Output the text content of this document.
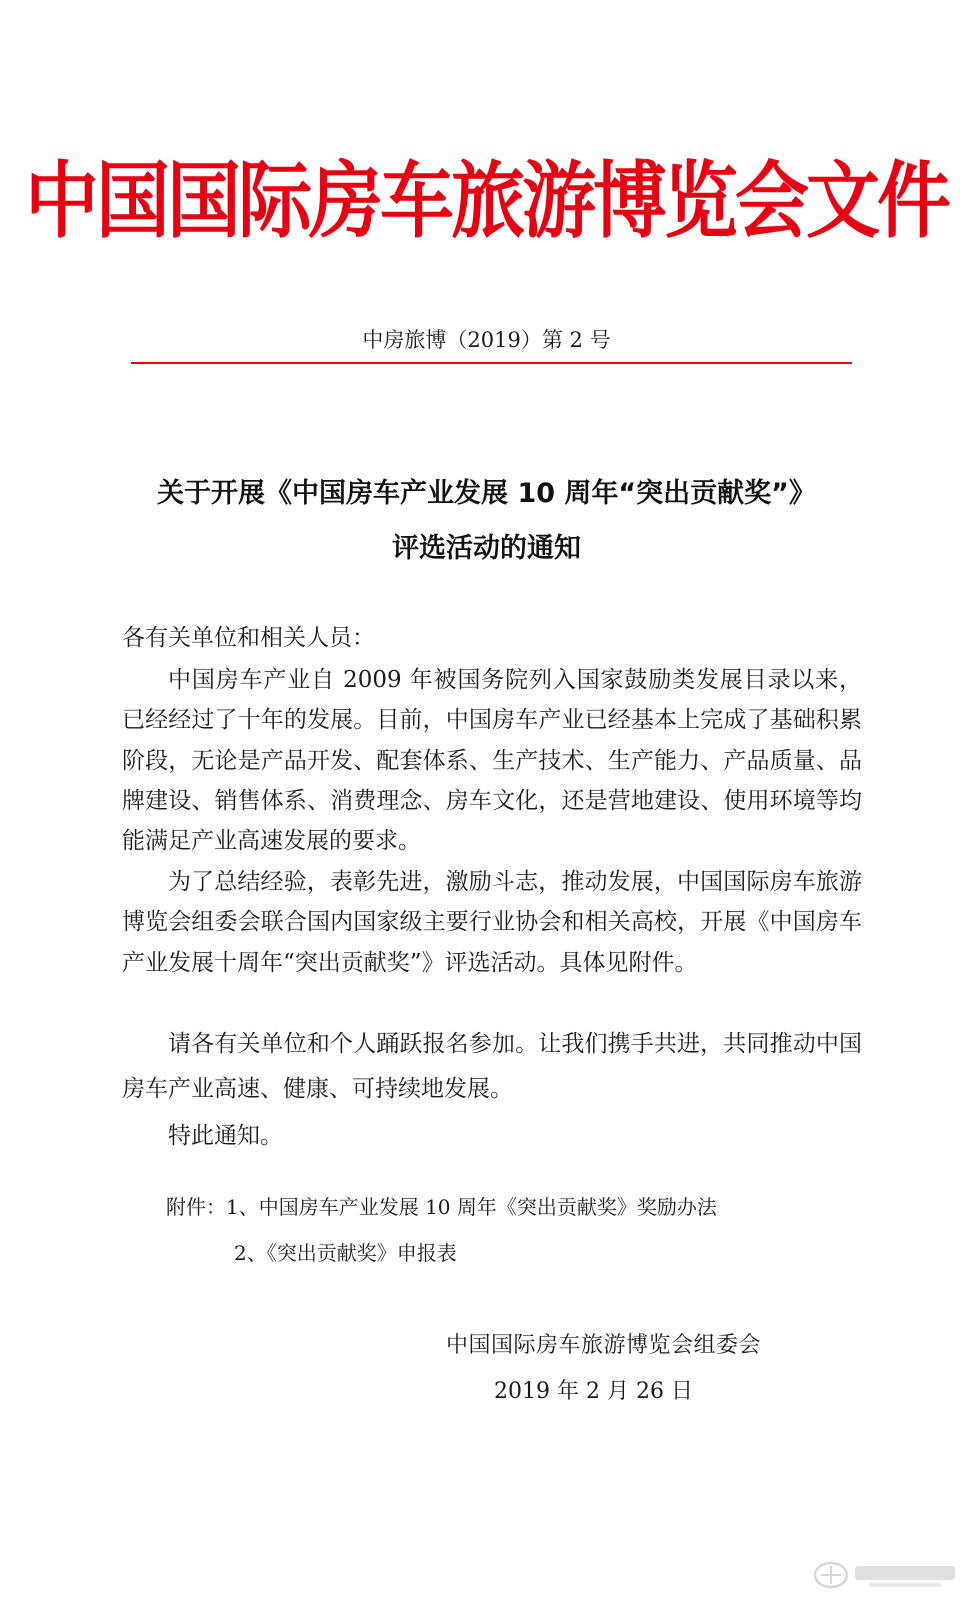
中国国际房车旅游博览会文件
中房旅博（2019）第 2 号
关于开展《中国房车产业发展 10 周年“突出贡献奖”》
评选活动的通知
各有关单位和相关人员：

中国房车产业自 2009 年被国务院列入国家鼓励类发展目录以来，已经经过了十年的发展。目前，中国房车产业已经基本上完成了基础积累阶段，无论是产品开发、配套体系、生产技术、生产能力、产品质量、品牌建设、销售体系、消费理念、房车文化，还是营地建设、使用环境等均能满足产业高速发展的要求。

为了总结经验，表彰先进，激励斗志，推动发展，中国国际房车旅游博览会组委会联合国内国家级主要行业协会和相关高校，开展《中国房车产业发展十周年“突出贡献奖”》评选活动。具体见附件。

请各有关单位和个人踊跃报名参加。让我们携手共进，共同推动中国房车产业高速、健康、可持续地发展。

特此通知。
附件：1、中国房车产业发展 10 周年《突出贡献奖》奖励办法
2、《突出贡献奖》申报表
中国国际房车旅游博览会组委会
2019 年 2 月 26 日
